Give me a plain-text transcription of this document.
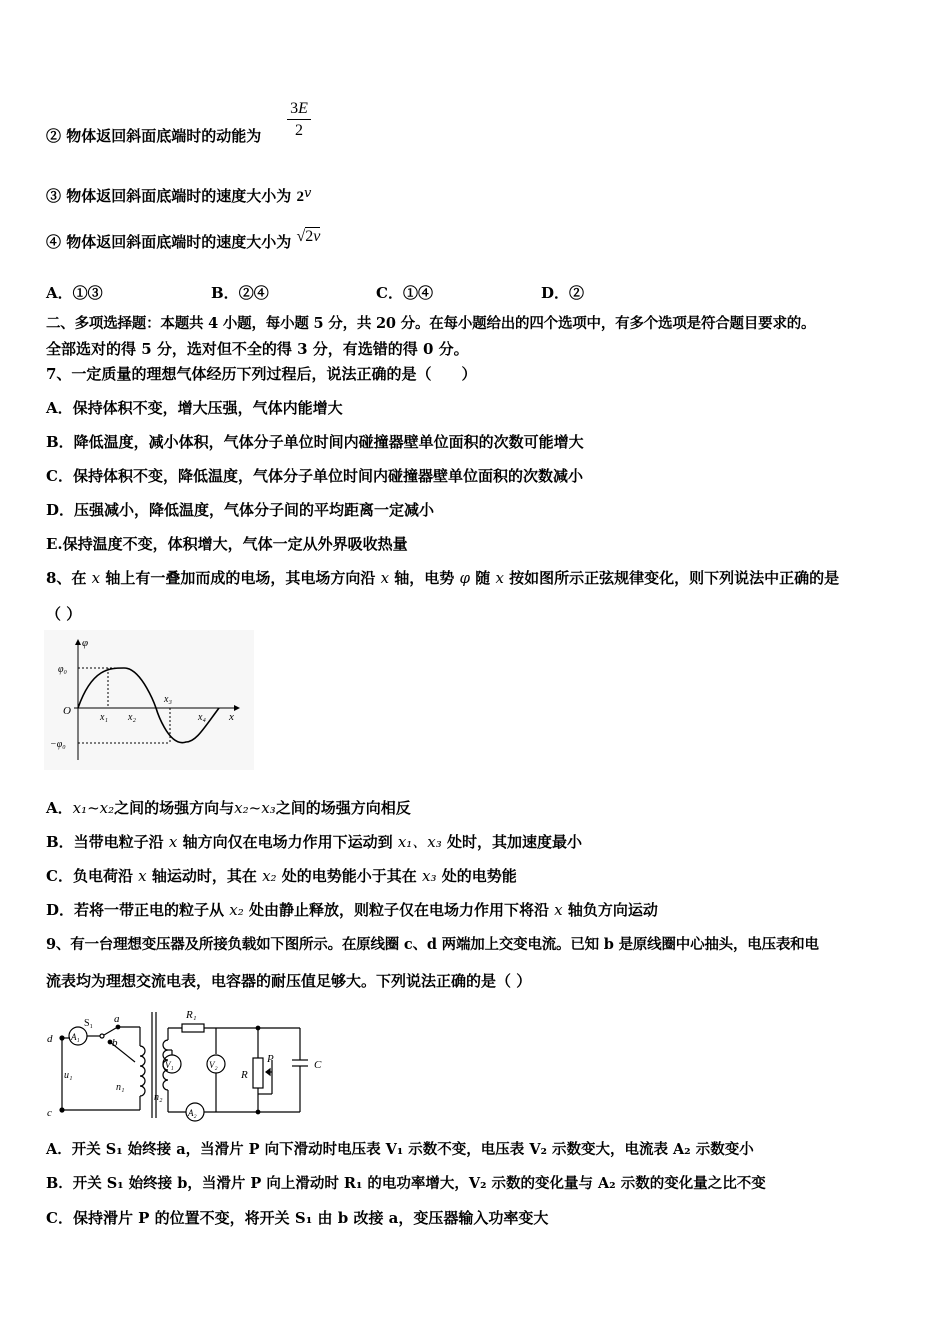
$\frac{3E}{2}$
② 物体返回斜面底端时的动能为
③ 物体返回斜面底端时的速度大小为 2v
④ 物体返回斜面底端时的速度大小为 √2v
A．①③	B．②④	C．①④	D．②
二、多项选择题：本题共 4 小题，每小题 5 分，共 20 分。在每小题给出的四个选项中，有多个选项是符合题目要求的。
全部选对的得 5 分，选对但不全的得 3 分，有选错的得 0 分。
7、一定质量的理想气体经历下列过程后，说法正确的是（　　）
A．保持体积不变，增大压强，气体内能增大
B．降低温度，减小体积，气体分子单位时间内碰撞器壁单位面积的次数可能增大
C．保持体积不变，降低温度，气体分子单位时间内碰撞器壁单位面积的次数减小
D．压强减小，降低温度，气体分子间的平均距离一定减小
E.保持温度不变，体积增大，气体一定从外界吸收热量
8、在 x 轴上有一叠加而成的电场，其电场方向沿 x 轴，电势 φ 随 x 按如图所示正弦规律变化，则下列说法中正确的是
（ ）
φ
x
O
φ₀
−φ₀
x₁ x₂
x₃
x₄
A．x₁~x₂之间的场强方向与x₂~x₃之间的场强方向相反
B．当带电粒子沿 x 轴方向仅在电场力作用下运动到 x₁、x₃ 处时，其加速度最小
C．负电荷沿 x 轴运动时，其在 x₂ 处的电势能小于其在 x₃ 处的电势能
D．若将一带正电的粒子从 x₂ 处由静止释放，则粒子仅在电场力作用下将沿 x 轴负方向运动
9、有一台理想变压器及所接负载如下图所示。在原线圈 c、d 两端加上交变电流。已知 b 是原线圈中心抽头，电压表和电
流表均为理想交流电表，电容器的耐压值足够大。下列说法正确的是（ ）
d
c
A₁
S₁ a
b
u₁
n₁
n₂
V₁	V₂
A₂
R₁
R
P	C
A．开关 S₁ 始终接 a，当滑片 P 向下滑动时电压表 V₁ 示数不变，电压表 V₂ 示数变大，电流表 A₂ 示数变小
B．开关 S₁ 始终接 b，当滑片 P 向上滑动时 R₁ 的电功率增大，V₂ 示数的变化量与 A₂ 示数的变化量之比不变
C．保持滑片 P 的位置不变，将开关 S₁ 由 b 改接 a，变压器输入功率变大
